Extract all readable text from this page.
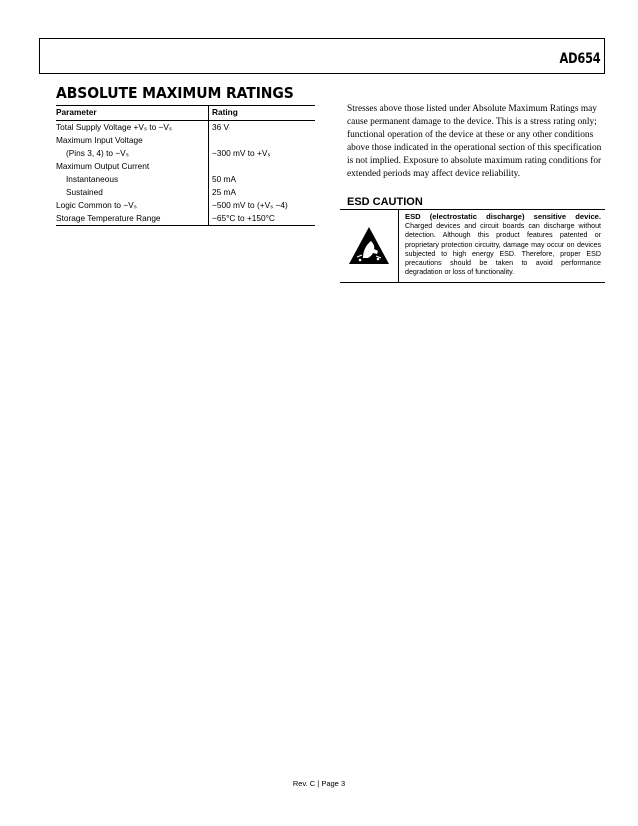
AD654
ABSOLUTE MAXIMUM RATINGS
Parameter	Rating
Total Supply Voltage +Vₛ to −Vₛ	36 V
Maximum Input Voltage	
(Pins 3, 4) to −Vₛ	−300 mV to +Vₛ
Maximum Output Current	
Instantaneous	50 mA
Sustained	25 mA
Logic Common to −Vₛ	−500 mV to (+Vₛ −4)
Storage Temperature Range	−65°C to +150°C

Stresses above those listed under Absolute Maximum Ratings may cause permanent damage to the device. This is a stress rating only; functional operation of the device at these or any other conditions above those indicated in the operational section of this specification is not implied. Exposure to absolute maximum rating conditions for extended periods may affect device reliability.

ESD CAUTION

ESD (electrostatic discharge) sensitive device. Charged devices and circuit boards can discharge without detection. Although this product features patented or proprietary protection circuitry, damage may occur on devices subjected to high energy ESD. Therefore, proper ESD precautions should be taken to avoid performance degradation or loss of functionality.

Rev. C | Page 3
